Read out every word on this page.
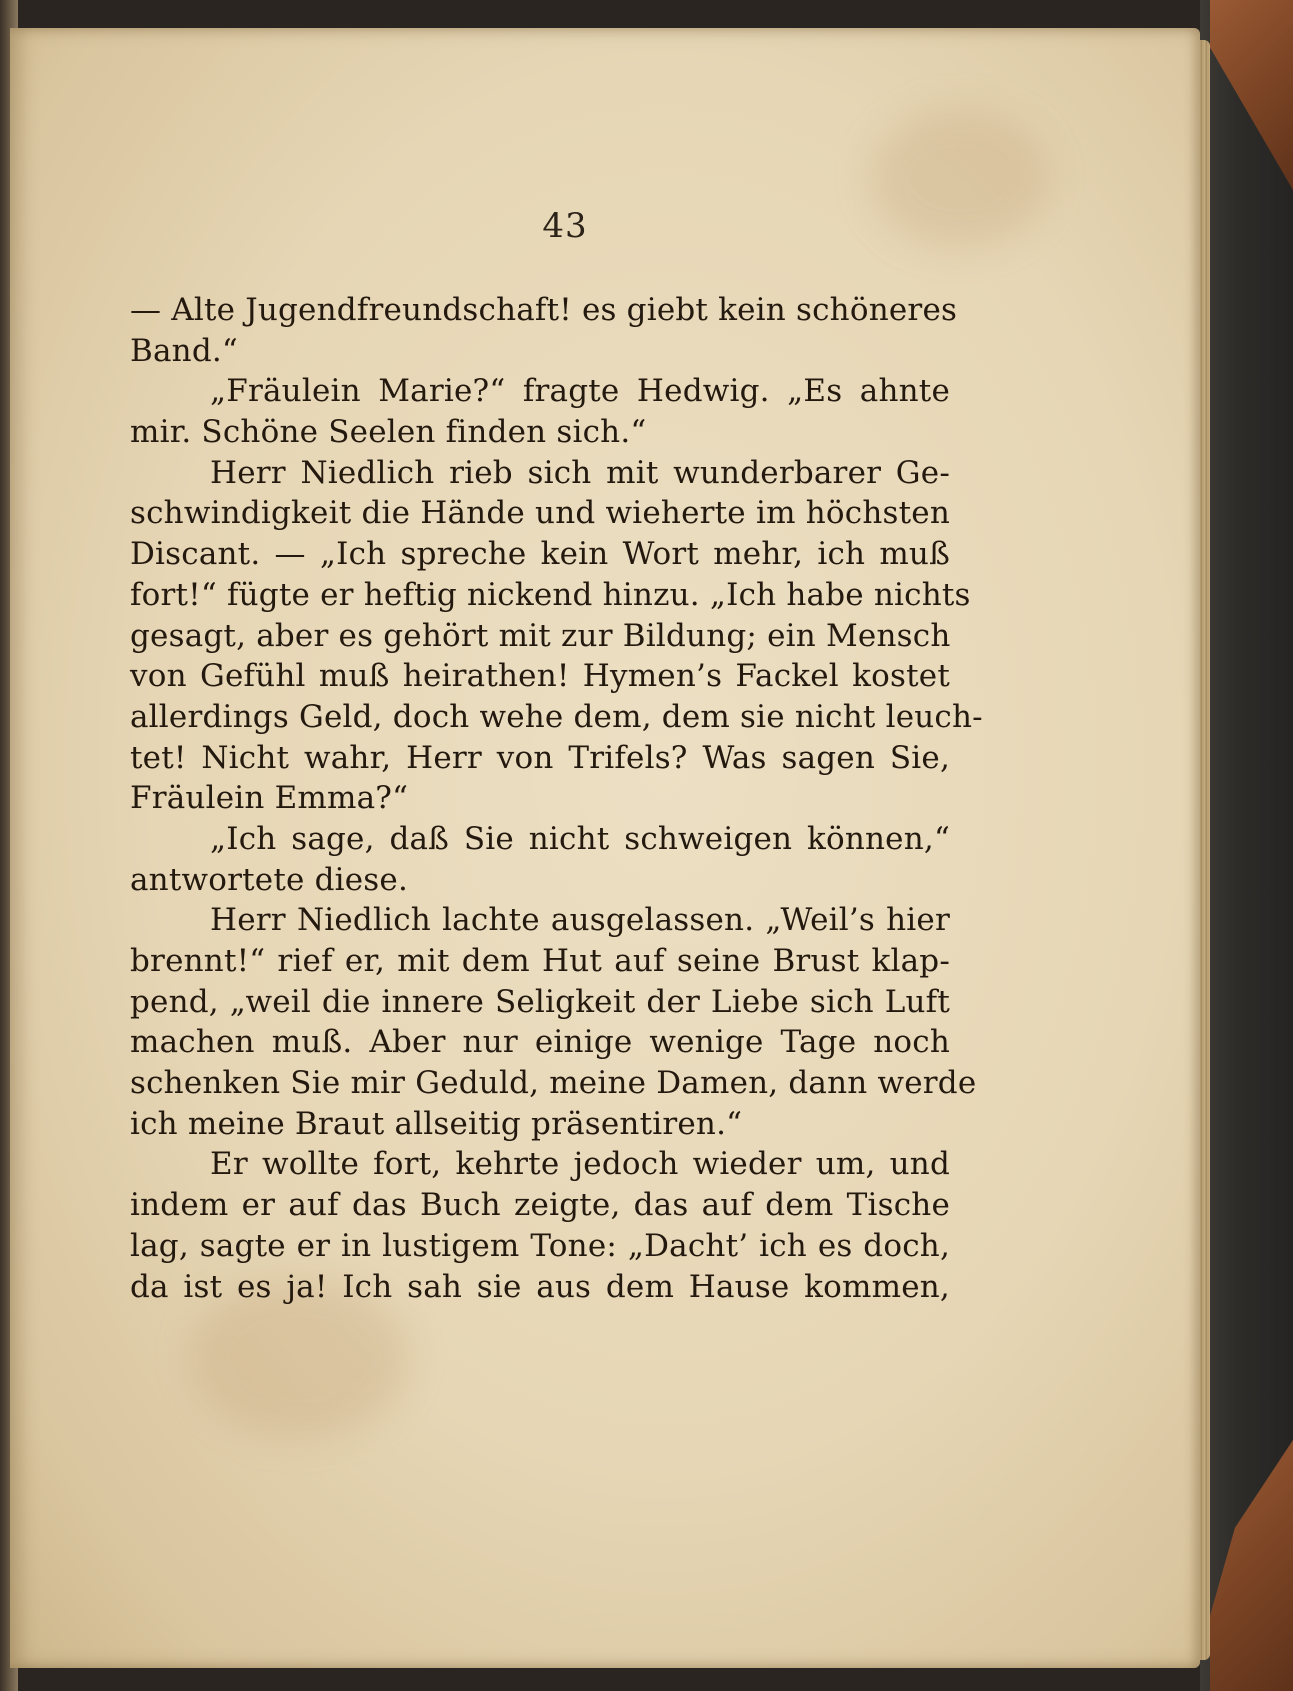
43
— Alte Jugendfreundschaft! es giebt kein schöneres
Band.“
„Fräulein Marie?“ fragte Hedwig. „Es ahnte
mir. Schöne Seelen finden sich.“
Herr Niedlich rieb sich mit wunderbarer Ge-
schwindigkeit die Hände und wieherte im höchsten
Discant. — „Ich spreche kein Wort mehr, ich muß
fort!“ fügte er heftig nickend hinzu. „Ich habe nichts
gesagt, aber es gehört mit zur Bildung; ein Mensch
von Gefühl muß heirathen! Hymen’s Fackel kostet
allerdings Geld, doch wehe dem, dem sie nicht leuch-
tet! Nicht wahr, Herr von Trifels? Was sagen Sie,
Fräulein Emma?“
„Ich sage, daß Sie nicht schweigen können,“
antwortete diese.
Herr Niedlich lachte ausgelassen. „Weil’s hier
brennt!“ rief er, mit dem Hut auf seine Brust klap-
pend, „weil die innere Seligkeit der Liebe sich Luft
machen muß. Aber nur einige wenige Tage noch
schenken Sie mir Geduld, meine Damen, dann werde
ich meine Braut allseitig präsentiren.“
Er wollte fort, kehrte jedoch wieder um, und
indem er auf das Buch zeigte, das auf dem Tische
lag, sagte er in lustigem Tone: „Dacht’ ich es doch,
da ist es ja! Ich sah sie aus dem Hause kommen,
